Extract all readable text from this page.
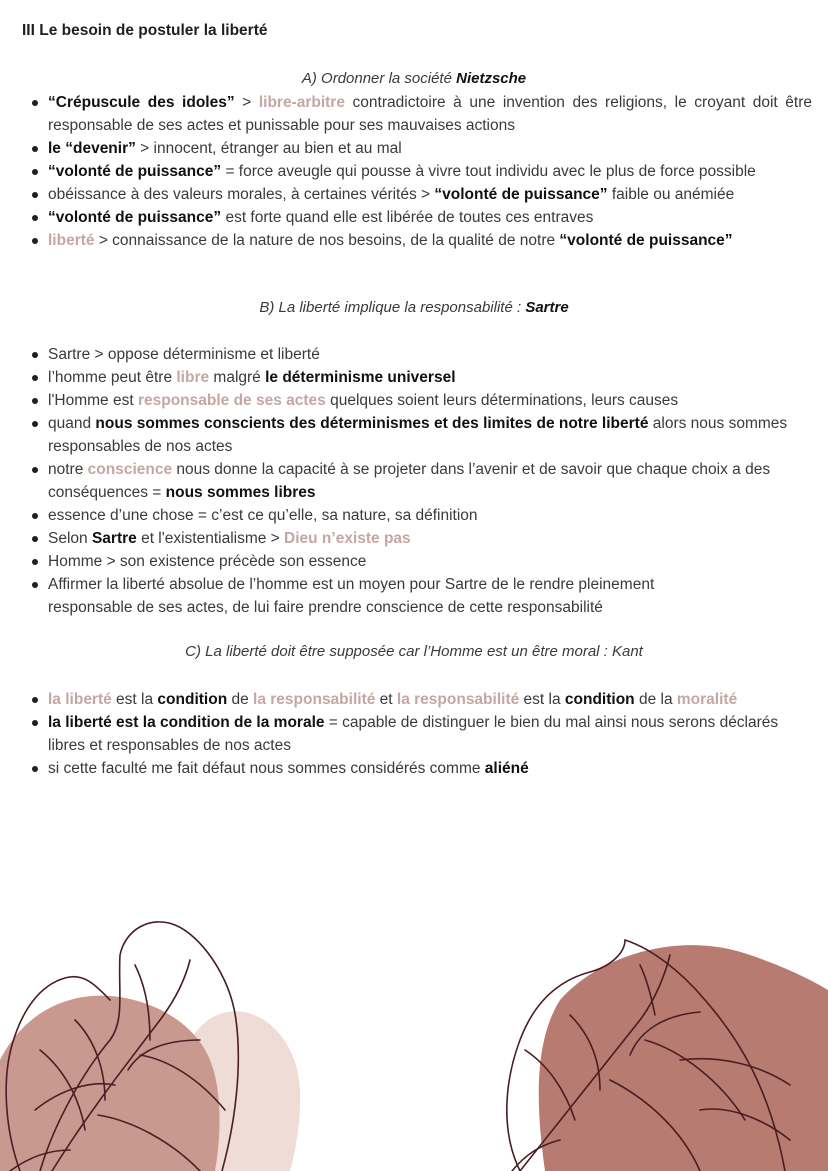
III Le besoin de postuler la liberté
A) Ordonner la société Nietzsche
“Crépuscule des idoles” > libre-arbitre contradictoire à une invention des religions, le croyant doit être responsable de ses actes et punissable pour ses mauvaises actions
le “devenir” > innocent, étranger au bien et au mal
“volonté de puissance” = force aveugle qui pousse à vivre tout individu avec le plus de force possible
obéissance à des valeurs morales, à certaines vérités > “volonté de puissance” faible ou anémiée
“volonté de puissance” est forte quand elle est libérée de toutes ces entraves
liberté > connaissance de la nature de nos besoins, de la qualité de notre “volonté de puissance”
B) La liberté implique la responsabilité : Sartre
Sartre > oppose déterminisme et liberté
l’homme peut être libre malgré le déterminisme universel
l'Homme est responsable de ses actes quelques soient leurs déterminations, leurs causes
quand nous sommes conscients des déterminismes et des limites de notre liberté alors nous sommes responsables de nos actes
notre conscience nous donne la capacité à se projeter dans l’avenir et de savoir que chaque choix a des conséquences = nous sommes libres
essence d’une chose = c’est ce qu’elle, sa nature, sa définition
Selon Sartre et l'existentialisme > Dieu n’existe pas
Homme > son existence précède son essence
Affirmer la liberté absolue de l’homme est un moyen pour Sartre de le rendre pleinement responsable de ses actes, de lui faire prendre conscience de cette responsabilité
C) La liberté doit être supposée car l’Homme est un être moral : Kant
la liberté est la condition de la responsabilité et la responsabilité est la condition de la moralité
la liberté est la condition de la morale = capable de distinguer le bien du mal ainsi nous serons déclarés libres et responsables de nos actes
si cette faculté me fait défaut nous sommes considérés comme aliéné
